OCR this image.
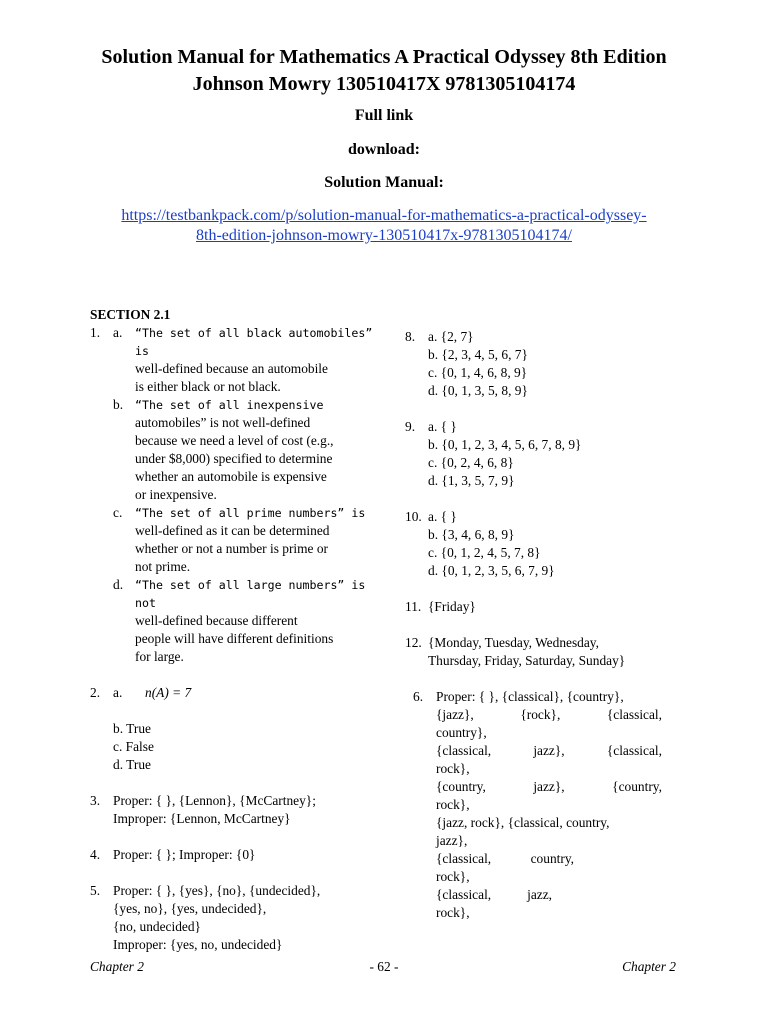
Solution Manual for Mathematics A Practical Odyssey 8th Edition
Johnson Mowry 130510417X 9781305104174
Full link
download:
Solution Manual:
https://testbankpack.com/p/solution-manual-for-mathematics-a-practical-odyssey-
8th-edition-johnson-mowry-130510417x-9781305104174/
SECTION 2.1
1. a.	“The set of all black automobiles” is
well-defined because an automobile
is either black or not black.
b.	“The set of all inexpensive
automobiles” is not well-defined
because we need a level of cost (e.g.,
under $8,000) specified to determine
whether an automobile is expensive
or inexpensive.
c.	“The set of all prime numbers” is
well-defined as it can be determined
whether or not a number is prime or
not prime.
d.	“The set of all large numbers” is not
well-defined because different
people will have different definitions
for large.
2. a.	n(A) = 7
b. True
c. False
d. True
3. Proper: { }, {Lennon}, {McCartney};
Improper: {Lennon, McCartney}
4. Proper: { }; Improper: {0}
5. Proper: { }, {yes}, {no}, {undecided},
{yes, no}, {yes, undecided},
{no, undecided}
Improper: {yes, no, undecided}
8. a. {2, 7}
b. {2, 3, 4, 5, 6, 7}
c. {0, 1, 4, 6, 8, 9}
d. {0, 1, 3, 5, 8, 9}
9. a. { }
b. {0, 1, 2, 3, 4, 5, 6, 7, 8, 9}
c. {0, 2, 4, 6, 8}
d. {1, 3, 5, 7, 9}
10. a. { }
b. {3, 4, 6, 8, 9}
c. {0, 1, 2, 4, 5, 7, 8}
d. {0, 1, 2, 3, 5, 6, 7, 9}
11. {Friday}
12. {Monday, Tuesday, Wednesday,
Thursday, Friday, Saturday, Sunday}
6. Proper: { }, {classical}, {country},
{jazz},	{rock},	{classical,
country},
{classical,	jazz},	{classical,
rock},
{country,	jazz},	{country,
rock},
{jazz, rock}, {classical, country,
jazz},
{classical,	country,
rock},
{classical,	jazz,
rock},
Chapter 2	- 62 -	Chapter 2
